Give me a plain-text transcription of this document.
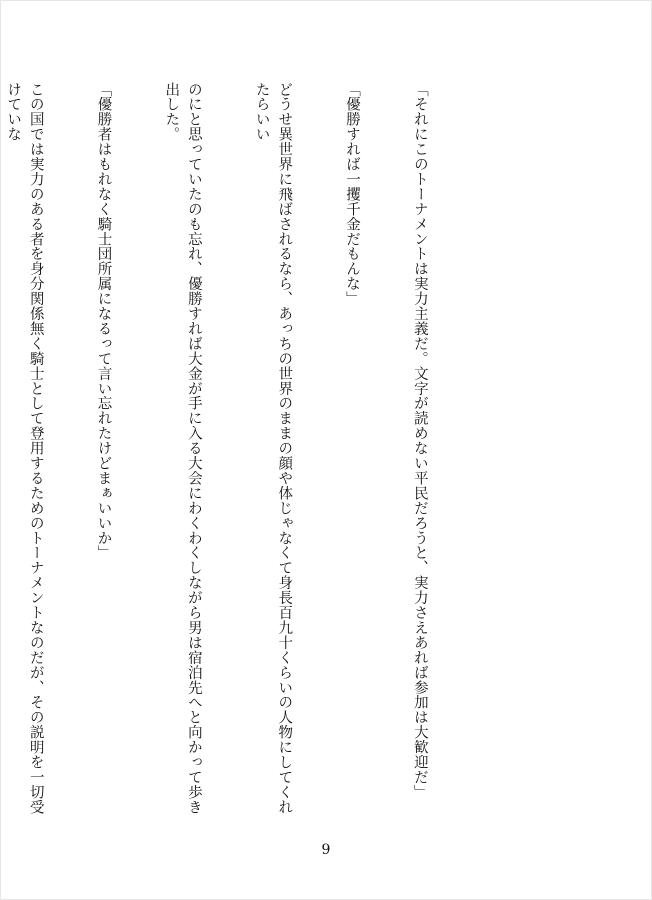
「それにこのトーナメントは実力主義だ。文字が読めない平民だろうと、実力さえあれば参加は大歓迎だ」

「優勝すれば一攫千金だもんな」

どうせ異世界に飛ばされるなら、あっちの世界のままの顔や体じゃなくて身長百九十くらいの人物にしてくれたらいい

のにと思っていたのも忘れ、優勝すれば大金が手に入る大会にわくわくしながら男は宿泊先へと向かって歩き出した。

「優勝者はもれなく騎士団所属になるって言い忘れたけどまぁいいか」

この国では実力のある者を身分関係無く騎士として登用するためのトーナメントなのだが、その説明を一切受けていな

9
